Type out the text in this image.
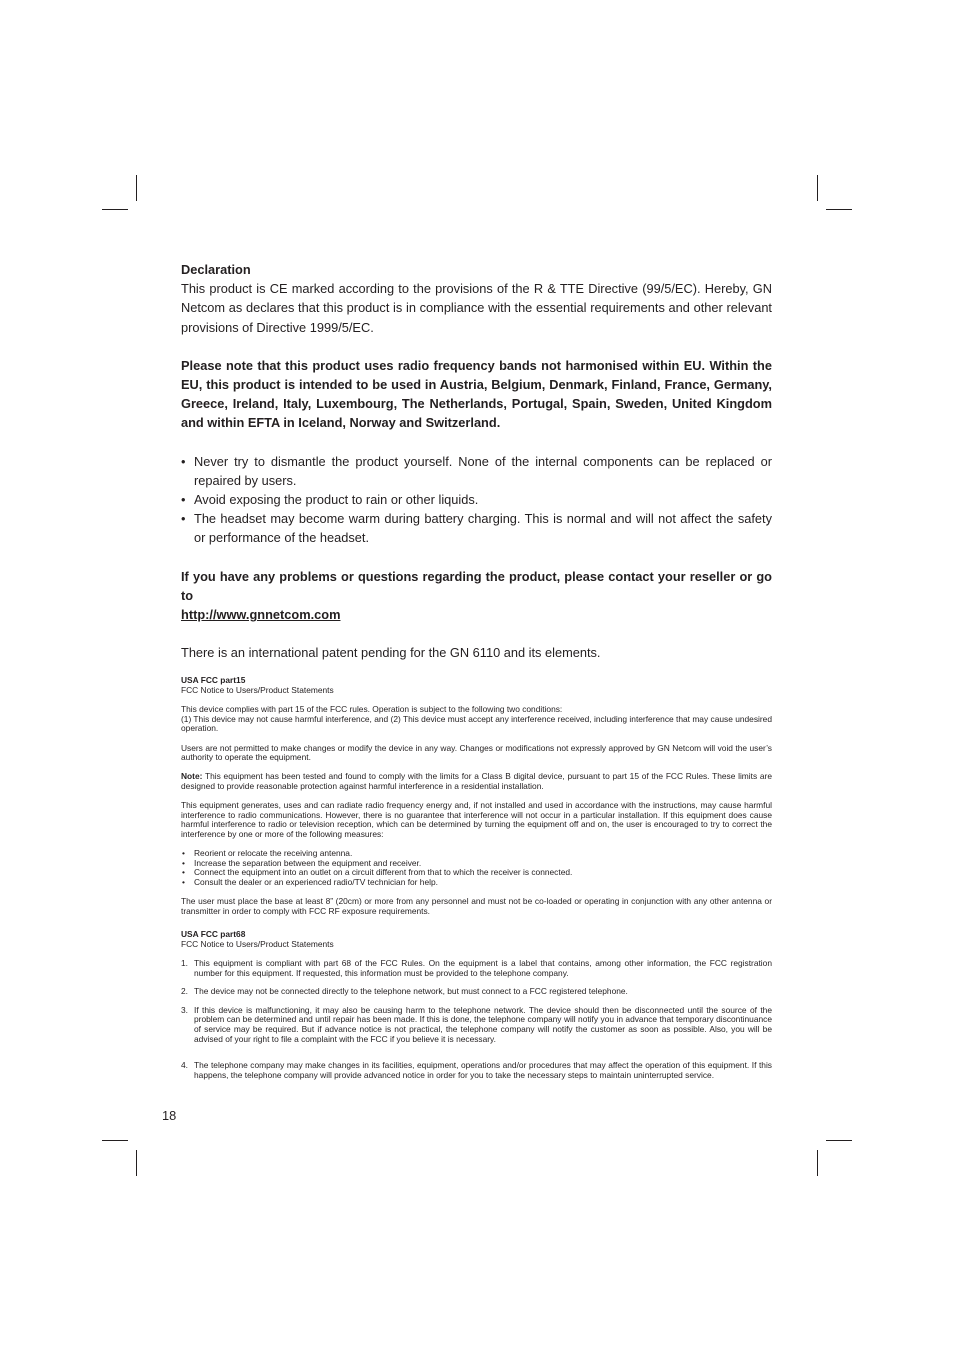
Declaration

This product is CE marked according to the provisions of the R & TTE Directive (99/5/EC). Hereby, GN Netcom as declares that this product is in compliance with the essential requirements and other relevant provisions of Directive 1999/5/EC.

Please note that this product uses radio frequency bands not harmonised within EU. Within the EU, this product is intended to be used in Austria, Belgium, Denmark, Finland, France, Germany, Greece, Ireland, Italy, Luxembourg, The Netherlands, Portugal, Spain, Sweden, United Kingdom and within EFTA in Iceland, Norway and Switzerland.

• Never try to dismantle the product yourself. None of the internal components can be replaced or repaired by users.
• Avoid exposing the product to rain or other liquids.
• The headset may become warm during battery charging. This is normal and will not affect the safety or performance of the headset.

If you have any problems or questions regarding the product, please contact your reseller or go to

http://www.gnnetcom.com

There is an international patent pending for the GN 6110 and its elements.

USA FCC part15

FCC Notice to Users/Product Statements

This device complies with part 15 of the FCC rules. Operation is subject to the following two conditions:

(1) This device may not cause harmful interference, and (2) This device must accept any interference received, including interference that may cause undesired operation.

Users are not permitted to make changes or modify the device in any way. Changes or modifications not expressly approved by GN Netcom will void the user’s authority to operate the equipment.

Note: This equipment has been tested and found to comply with the limits for a Class B digital device, pursuant to part 15 of the FCC Rules. These limits are designed to provide reasonable protection against harmful interference in a residential installation.

This equipment generates, uses and can radiate radio frequency energy and, if not installed and used in accordance with the instructions, may cause harmful interference to radio communications. However, there is no guarantee that interference will not occur in a particular installation. If this equipment does cause harmful interference to radio or television reception, which can be determined by turning the equipment off and on, the user is encouraged to try to correct the interference by one or more of the following measures:

• Reorient or relocate the receiving antenna.
• Increase the separation between the equipment and receiver.
• Connect the equipment into an outlet on a circuit different from that to which the receiver is connected.
• Consult the dealer or an experienced radio/TV technician for help.

The user must place the base at least 8” (20cm) or more from any personnel and must not be co-loaded or operating in conjunction with any other antenna or transmitter in order to comply with FCC RF exposure requirements.

USA FCC part68

FCC Notice to Users/Product Statements

1. This equipment is compliant with part 68 of the FCC Rules. On the equipment is a label that contains, among other information, the FCC registration number for this equipment. If requested, this information must be provided to the telephone company.
2. The device may not be connected directly to the telephone network, but must connect to a FCC registered telephone.
3. If this device is malfunctioning, it may also be causing harm to the telephone network. The device should then be disconnected until the source of the problem can be determined and until repair has been made. If this is done, the telephone company will notify you in advance that temporary discontinuance of service may be required. But if advance notice is not practical, the telephone company will notify the customer as soon as possible. Also, you will be advised of your right to file a complaint with the FCC if you believe it is necessary.
4. The telephone company may make changes in its facilities, equipment, operations and/or procedures that may affect the operation of this equipment. If this happens, the telephone company will provide advanced notice in order for you to take the necessary steps to maintain uninterrupted service.
18
